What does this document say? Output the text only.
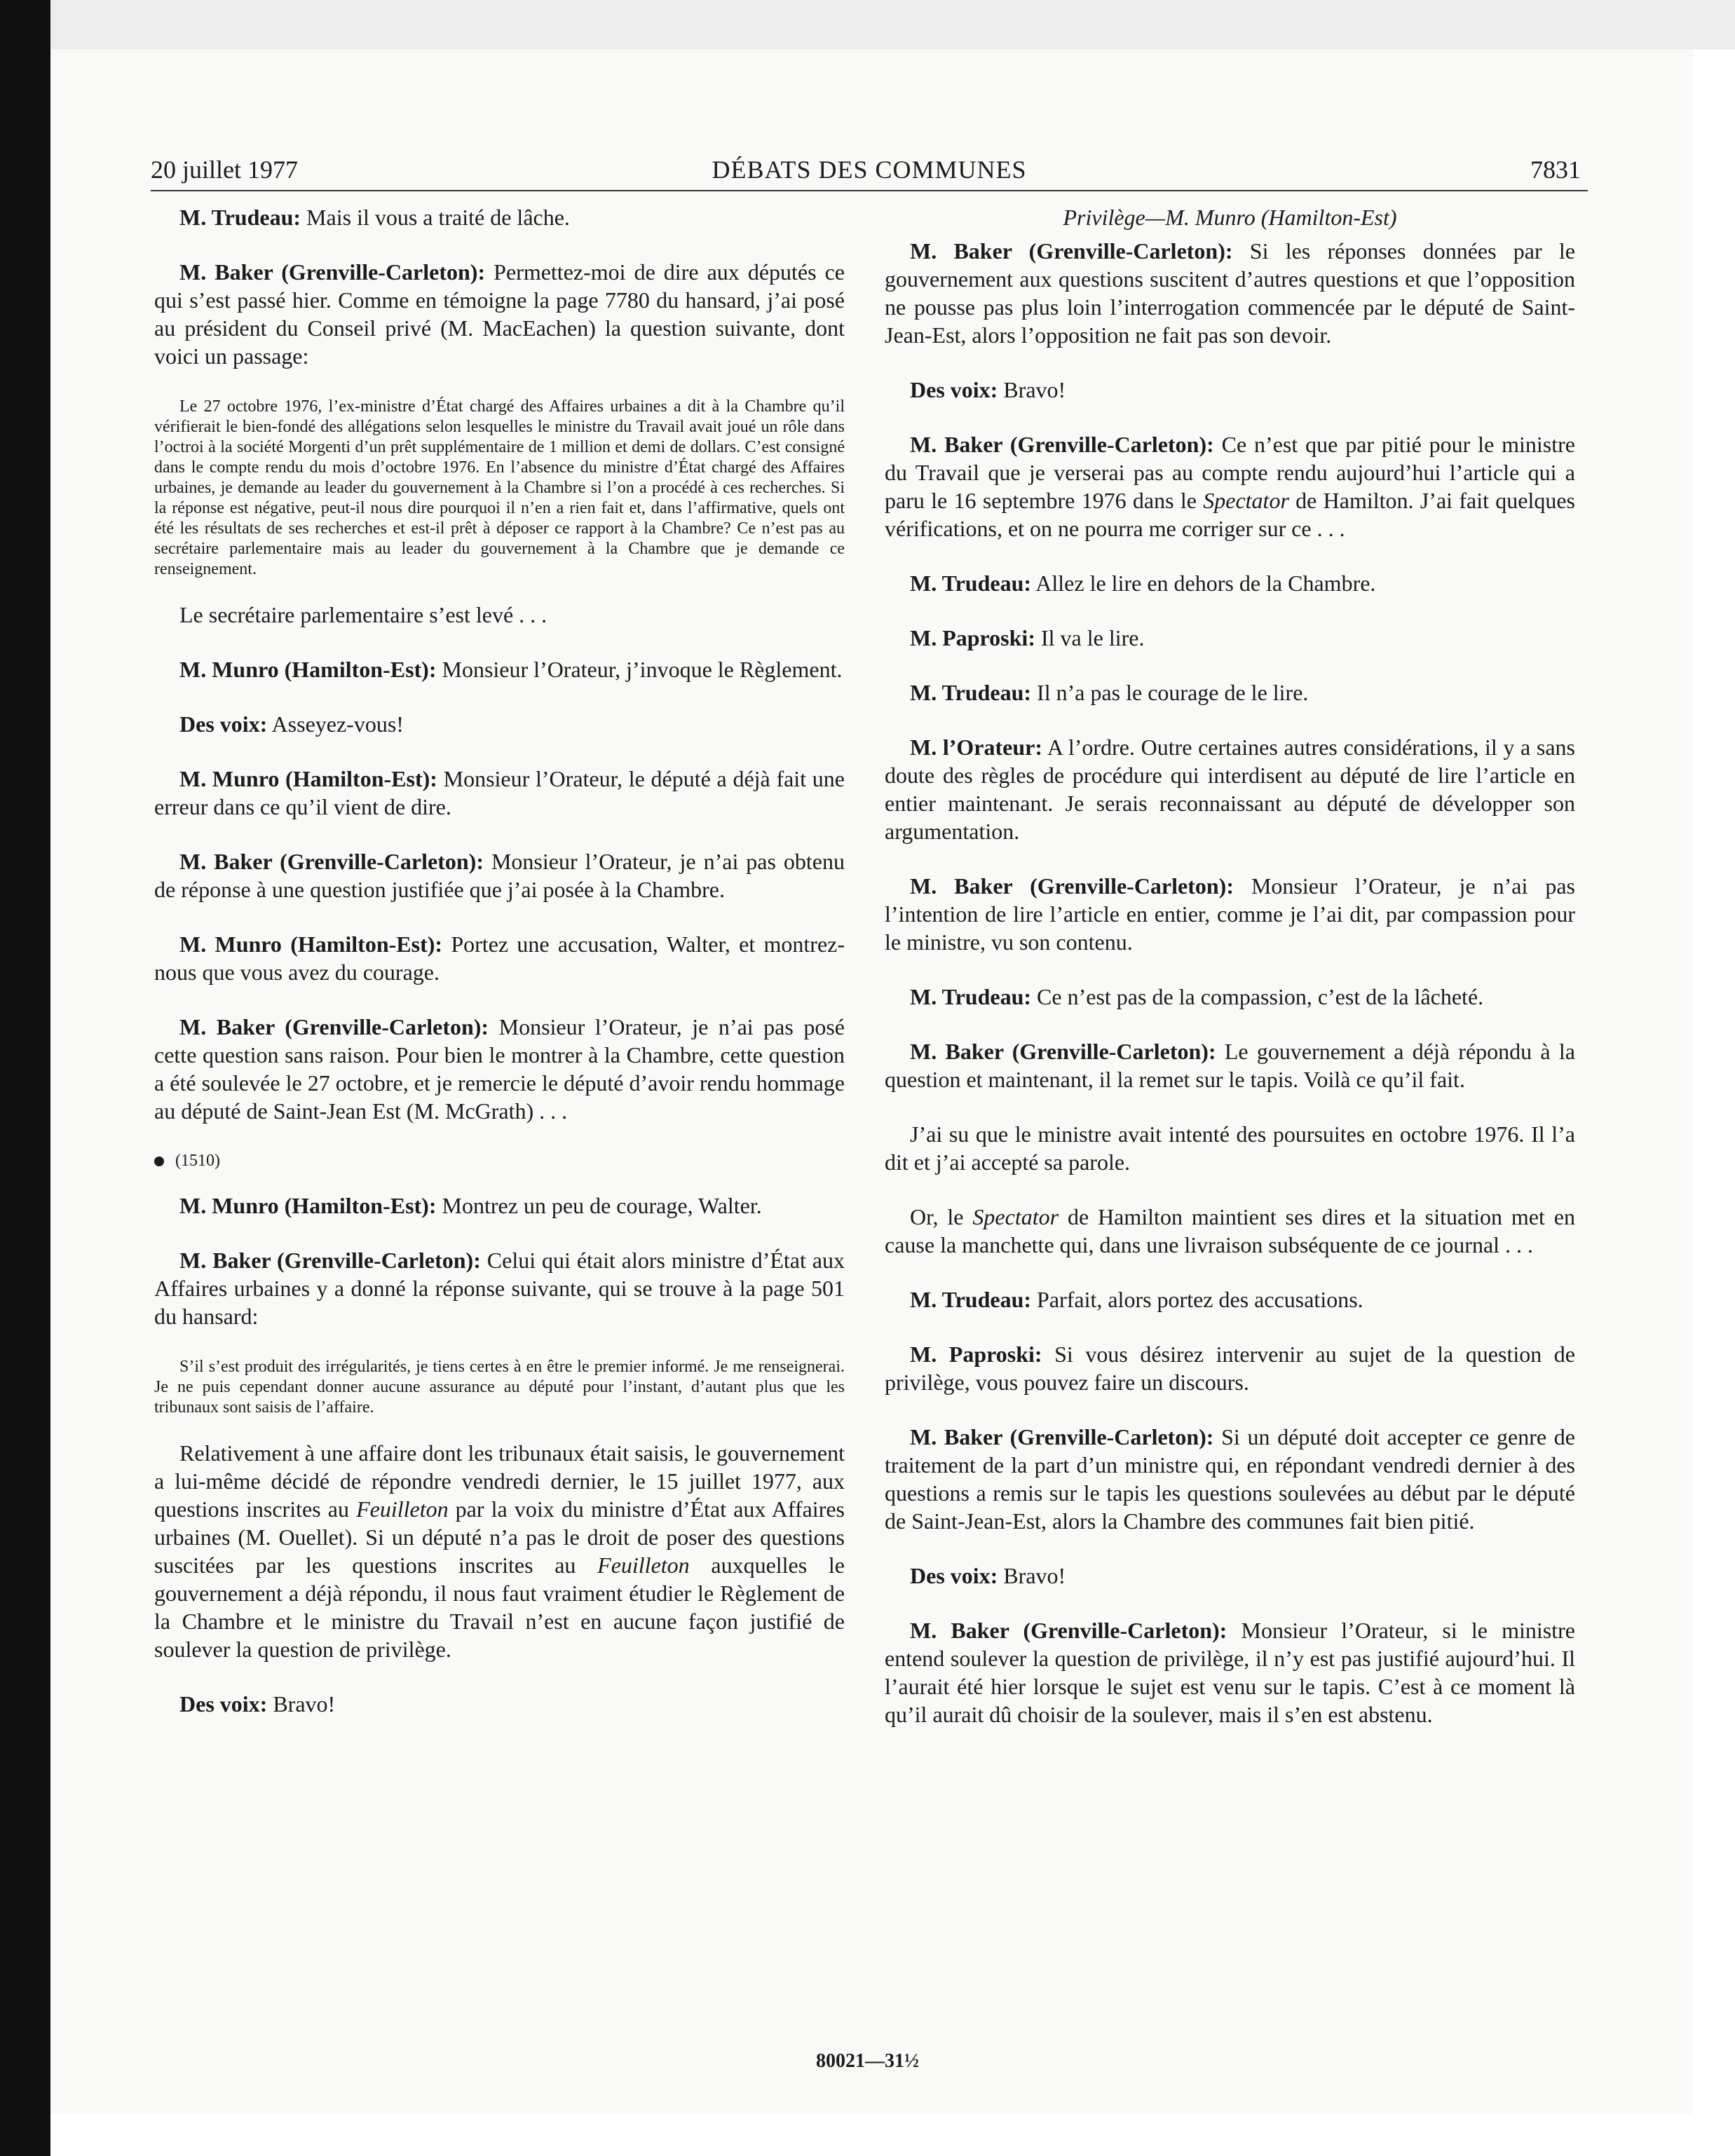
20 juillet 1977	DÉBATS DES COMMUNES	7831

M. Trudeau: Mais il vous a traité de lâche.

M. Baker (Grenville-Carleton): Permettez-moi de dire aux députés ce qui s’est passé hier. Comme en témoigne la page 7780 du hansard, j’ai posé au président du Conseil privé (M. MacEachen) la question suivante, dont voici un passage:

Le 27 octobre 1976, l’ex-ministre d’État chargé des Affaires urbaines a dit à la Chambre qu’il vérifierait le bien-fondé des allégations selon lesquelles le ministre du Travail avait joué un rôle dans l’octroi à la société Morgenti d’un prêt supplémentaire de 1 million et demi de dollars. C’est consigné dans le compte rendu du mois d’octobre 1976. En l’absence du ministre d’État chargé des Affaires urbaines, je demande au leader du gouvernement à la Chambre si l’on a procédé à ces recherches. Si la réponse est négative, peut-il nous dire pourquoi il n’en a rien fait et, dans l’affirmative, quels ont été les résultats de ses recherches et est-il prêt à déposer ce rapport à la Chambre? Ce n’est pas au secrétaire parlementaire mais au leader du gouvernement à la Chambre que je demande ce renseignement.

Le secrétaire parlementaire s’est levé . . .

M. Munro (Hamilton-Est): Monsieur l’Orateur, j’invoque le Règlement.

Des voix: Asseyez-vous!

M. Munro (Hamilton-Est): Monsieur l’Orateur, le député a déjà fait une erreur dans ce qu’il vient de dire.

M. Baker (Grenville-Carleton): Monsieur l’Orateur, je n’ai pas obtenu de réponse à une question justifiée que j’ai posée à la Chambre.

M. Munro (Hamilton-Est): Portez une accusation, Walter, et montrez-nous que vous avez du courage.

M. Baker (Grenville-Carleton): Monsieur l’Orateur, je n’ai pas posé cette question sans raison. Pour bien le montrer à la Chambre, cette question a été soulevée le 27 octobre, et je remercie le député d’avoir rendu hommage au député de Saint-Jean Est (M. McGrath) . . .

(1510)

M. Munro (Hamilton-Est): Montrez un peu de courage, Walter.

M. Baker (Grenville-Carleton): Celui qui était alors ministre d’État aux Affaires urbaines y a donné la réponse suivante, qui se trouve à la page 501 du hansard:

S’il s’est produit des irrégularités, je tiens certes à en être le premier informé. Je me renseignerai. Je ne puis cependant donner aucune assurance au député pour l’instant, d’autant plus que les tribunaux sont saisis de l’affaire.

Relativement à une affaire dont les tribunaux était saisis, le gouvernement a lui-même décidé de répondre vendredi dernier, le 15 juillet 1977, aux questions inscrites au Feuilleton par la voix du ministre d’État aux Affaires urbaines (M. Ouellet). Si un député n’a pas le droit de poser des questions suscitées par les questions inscrites au Feuilleton auxquelles le gouvernement a déjà répondu, il nous faut vraiment étudier le Règlement de la Chambre et le ministre du Travail n’est en aucune façon justifié de soulever la question de privilège.

Des voix: Bravo!

Privilège—M. Munro (Hamilton-Est)

M. Baker (Grenville-Carleton): Si les réponses données par le gouvernement aux questions suscitent d’autres questions et que l’opposition ne pousse pas plus loin l’interrogation commencée par le député de Saint-Jean-Est, alors l’opposition ne fait pas son devoir.

Des voix: Bravo!

M. Baker (Grenville-Carleton): Ce n’est que par pitié pour le ministre du Travail que je verserai pas au compte rendu aujourd’hui l’article qui a paru le 16 septembre 1976 dans le Spectator de Hamilton. J’ai fait quelques vérifications, et on ne pourra me corriger sur ce . . .

M. Trudeau: Allez le lire en dehors de la Chambre.

M. Paproski: Il va le lire.

M. Trudeau: Il n’a pas le courage de le lire.

M. l’Orateur: A l’ordre. Outre certaines autres considérations, il y a sans doute des règles de procédure qui interdisent au député de lire l’article en entier maintenant. Je serais reconnaissant au député de développer son argumentation.

M. Baker (Grenville-Carleton): Monsieur l’Orateur, je n’ai pas l’intention de lire l’article en entier, comme je l’ai dit, par compassion pour le ministre, vu son contenu.

M. Trudeau: Ce n’est pas de la compassion, c’est de la lâcheté.

M. Baker (Grenville-Carleton): Le gouvernement a déjà répondu à la question et maintenant, il la remet sur le tapis. Voilà ce qu’il fait.

J’ai su que le ministre avait intenté des poursuites en octobre 1976. Il l’a dit et j’ai accepté sa parole.

Or, le Spectator de Hamilton maintient ses dires et la situation met en cause la manchette qui, dans une livraison subséquente de ce journal . . .

M. Trudeau: Parfait, alors portez des accusations.

M. Paproski: Si vous désirez intervenir au sujet de la question de privilège, vous pouvez faire un discours.

M. Baker (Grenville-Carleton): Si un député doit accepter ce genre de traitement de la part d’un ministre qui, en répondant vendredi dernier à des questions a remis sur le tapis les questions soulevées au début par le député de Saint-Jean-Est, alors la Chambre des communes fait bien pitié.

Des voix: Bravo!

M. Baker (Grenville-Carleton): Monsieur l’Orateur, si le ministre entend soulever la question de privilège, il n’y est pas justifié aujourd’hui. Il l’aurait été hier lorsque le sujet est venu sur le tapis. C’est à ce moment là qu’il aurait dû choisir de la soulever, mais il s’en est abstenu.

80021—31½
